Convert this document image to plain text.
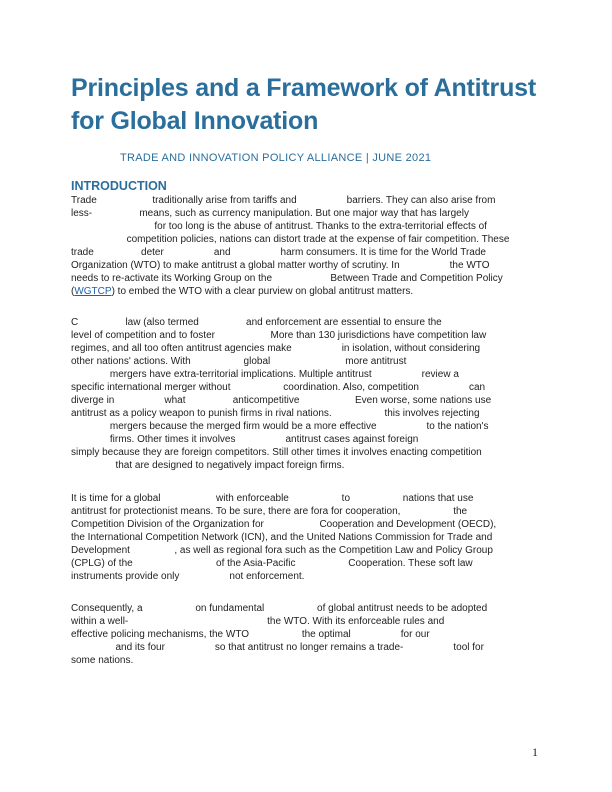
Principles and a Framework of Antitrust
for Global Innovation

TRADE AND INNOVATION POLICY ALLIANCE | JUNE 2021

INTRODUCTION
Trade                    traditionally arise from tariffs and                  barriers. They can also arise from
less-                 means, such as currency manipulation. But one major way that has largely
for too long is the abuse of antitrust. Thanks to the extra-territorial effects of
competition policies, nations can distort trade at the expense of fair competition. These
trade                 deter                  and                  harm consumers. It is time for the World Trade
Organization (WTO) to make antitrust a global matter worthy of scrutiny. In                  the WTO
needs to re-activate its Working Group on the                     Between Trade and Competition Policy
(WGTCP) to embed the WTO with a clear purview on global antitrust matters.
C                 law (also termed                 and enforcement are essential to ensure the
level of competition and to foster                    More than 130 jurisdictions have competition law
regimes, and all too often antitrust agencies make                  in isolation, without considering
other nations' actions. With                   global                           more antitrust
mergers have extra-territorial implications. Multiple antitrust                  review a
specific international merger without                   coordination. Also, competition                  can
diverge in                  what                 anticompetitive                    Even worse, some nations use
antitrust as a policy weapon to punish firms in rival nations.                   this involves rejecting
mergers because the merged firm would be a more effective                  to the nation's
firms. Other times it involves                  antitrust cases against foreign
simply because they are foreign competitors. Still other times it involves enacting competition
that are designed to negatively impact foreign firms.
It is time for a global                    with enforceable                   to                   nations that use
antitrust for protectionist means. To be sure, there are fora for cooperation,                   the
Competition Division of the Organization for                    Cooperation and Development (OECD),
the International Competition Network (ICN), and the United Nations Commission for Trade and
Development                , as well as regional fora such as the Competition Law and Policy Group
(CPLG) of the                              of the Asia-Pacific                   Cooperation. These soft law
instruments provide only                  not enforcement.
Consequently, a                   on fundamental                   of global antitrust needs to be adopted
within a well-                                                  the WTO. With its enforceable rules and
effective policing mechanisms, the WTO                   the optimal                  for our
and its four                  so that antitrust no longer remains a trade-                  tool for
some nations.
1
